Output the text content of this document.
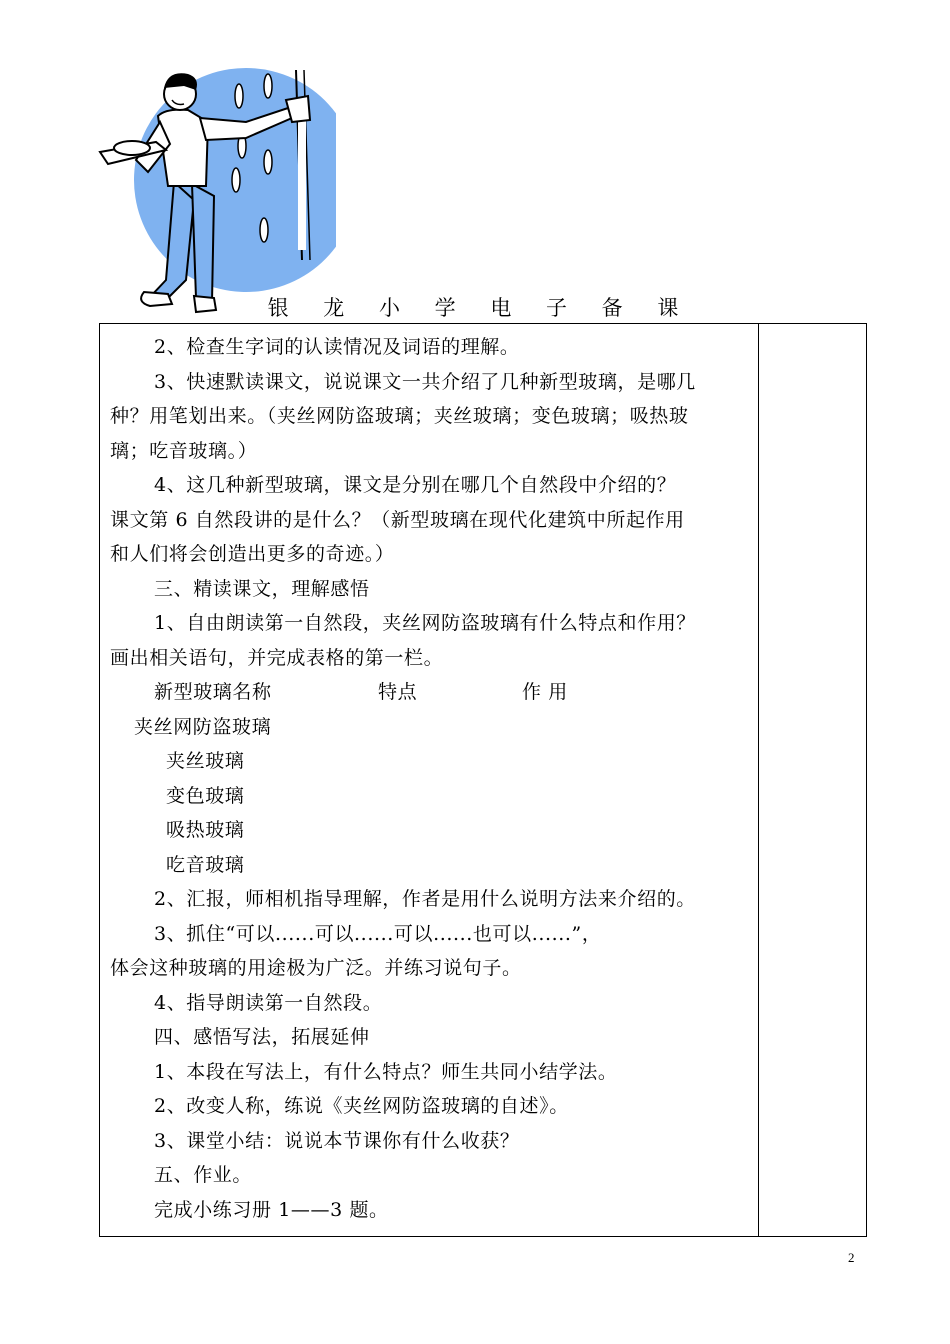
银 龙 小 学 电 子 备 课

2、检查生字词的认读情况及词语的理解。

3、快速默读课文，说说课文一共介绍了几种新型玻璃，是哪几

种？用笔划出来。（夹丝网防盗玻璃；夹丝玻璃；变色玻璃；吸热玻

璃；吃音玻璃。）

4、这几种新型玻璃，课文是分别在哪几个自然段中介绍的？

课文第 6 自然段讲的是什么？（新型玻璃在现代化建筑中所起作用

和人们将会创造出更多的奇迹。）

三、精读课文，理解感悟

1、自由朗读第一自然段，夹丝网防盗玻璃有什么特点和作用？

画出相关语句，并完成表格的第一栏。

新型玻璃名称	特点	作 用

夹丝网防盗玻璃

夹丝玻璃

变色玻璃

吸热玻璃

吃音玻璃

2、汇报，师相机指导理解，作者是用什么说明方法来介绍的。

3、抓住“可以......可以......可以......也可以......”，

体会这种玻璃的用途极为广泛。并练习说句子。

4、指导朗读第一自然段。

四、感悟写法，拓展延伸

1、本段在写法上，有什么特点？师生共同小结学法。

2、改变人称，练说《夹丝网防盗玻璃的自述》。

3、课堂小结：说说本节课你有什么收获？

五、作业。

完成小练习册 1——3 题。

2
